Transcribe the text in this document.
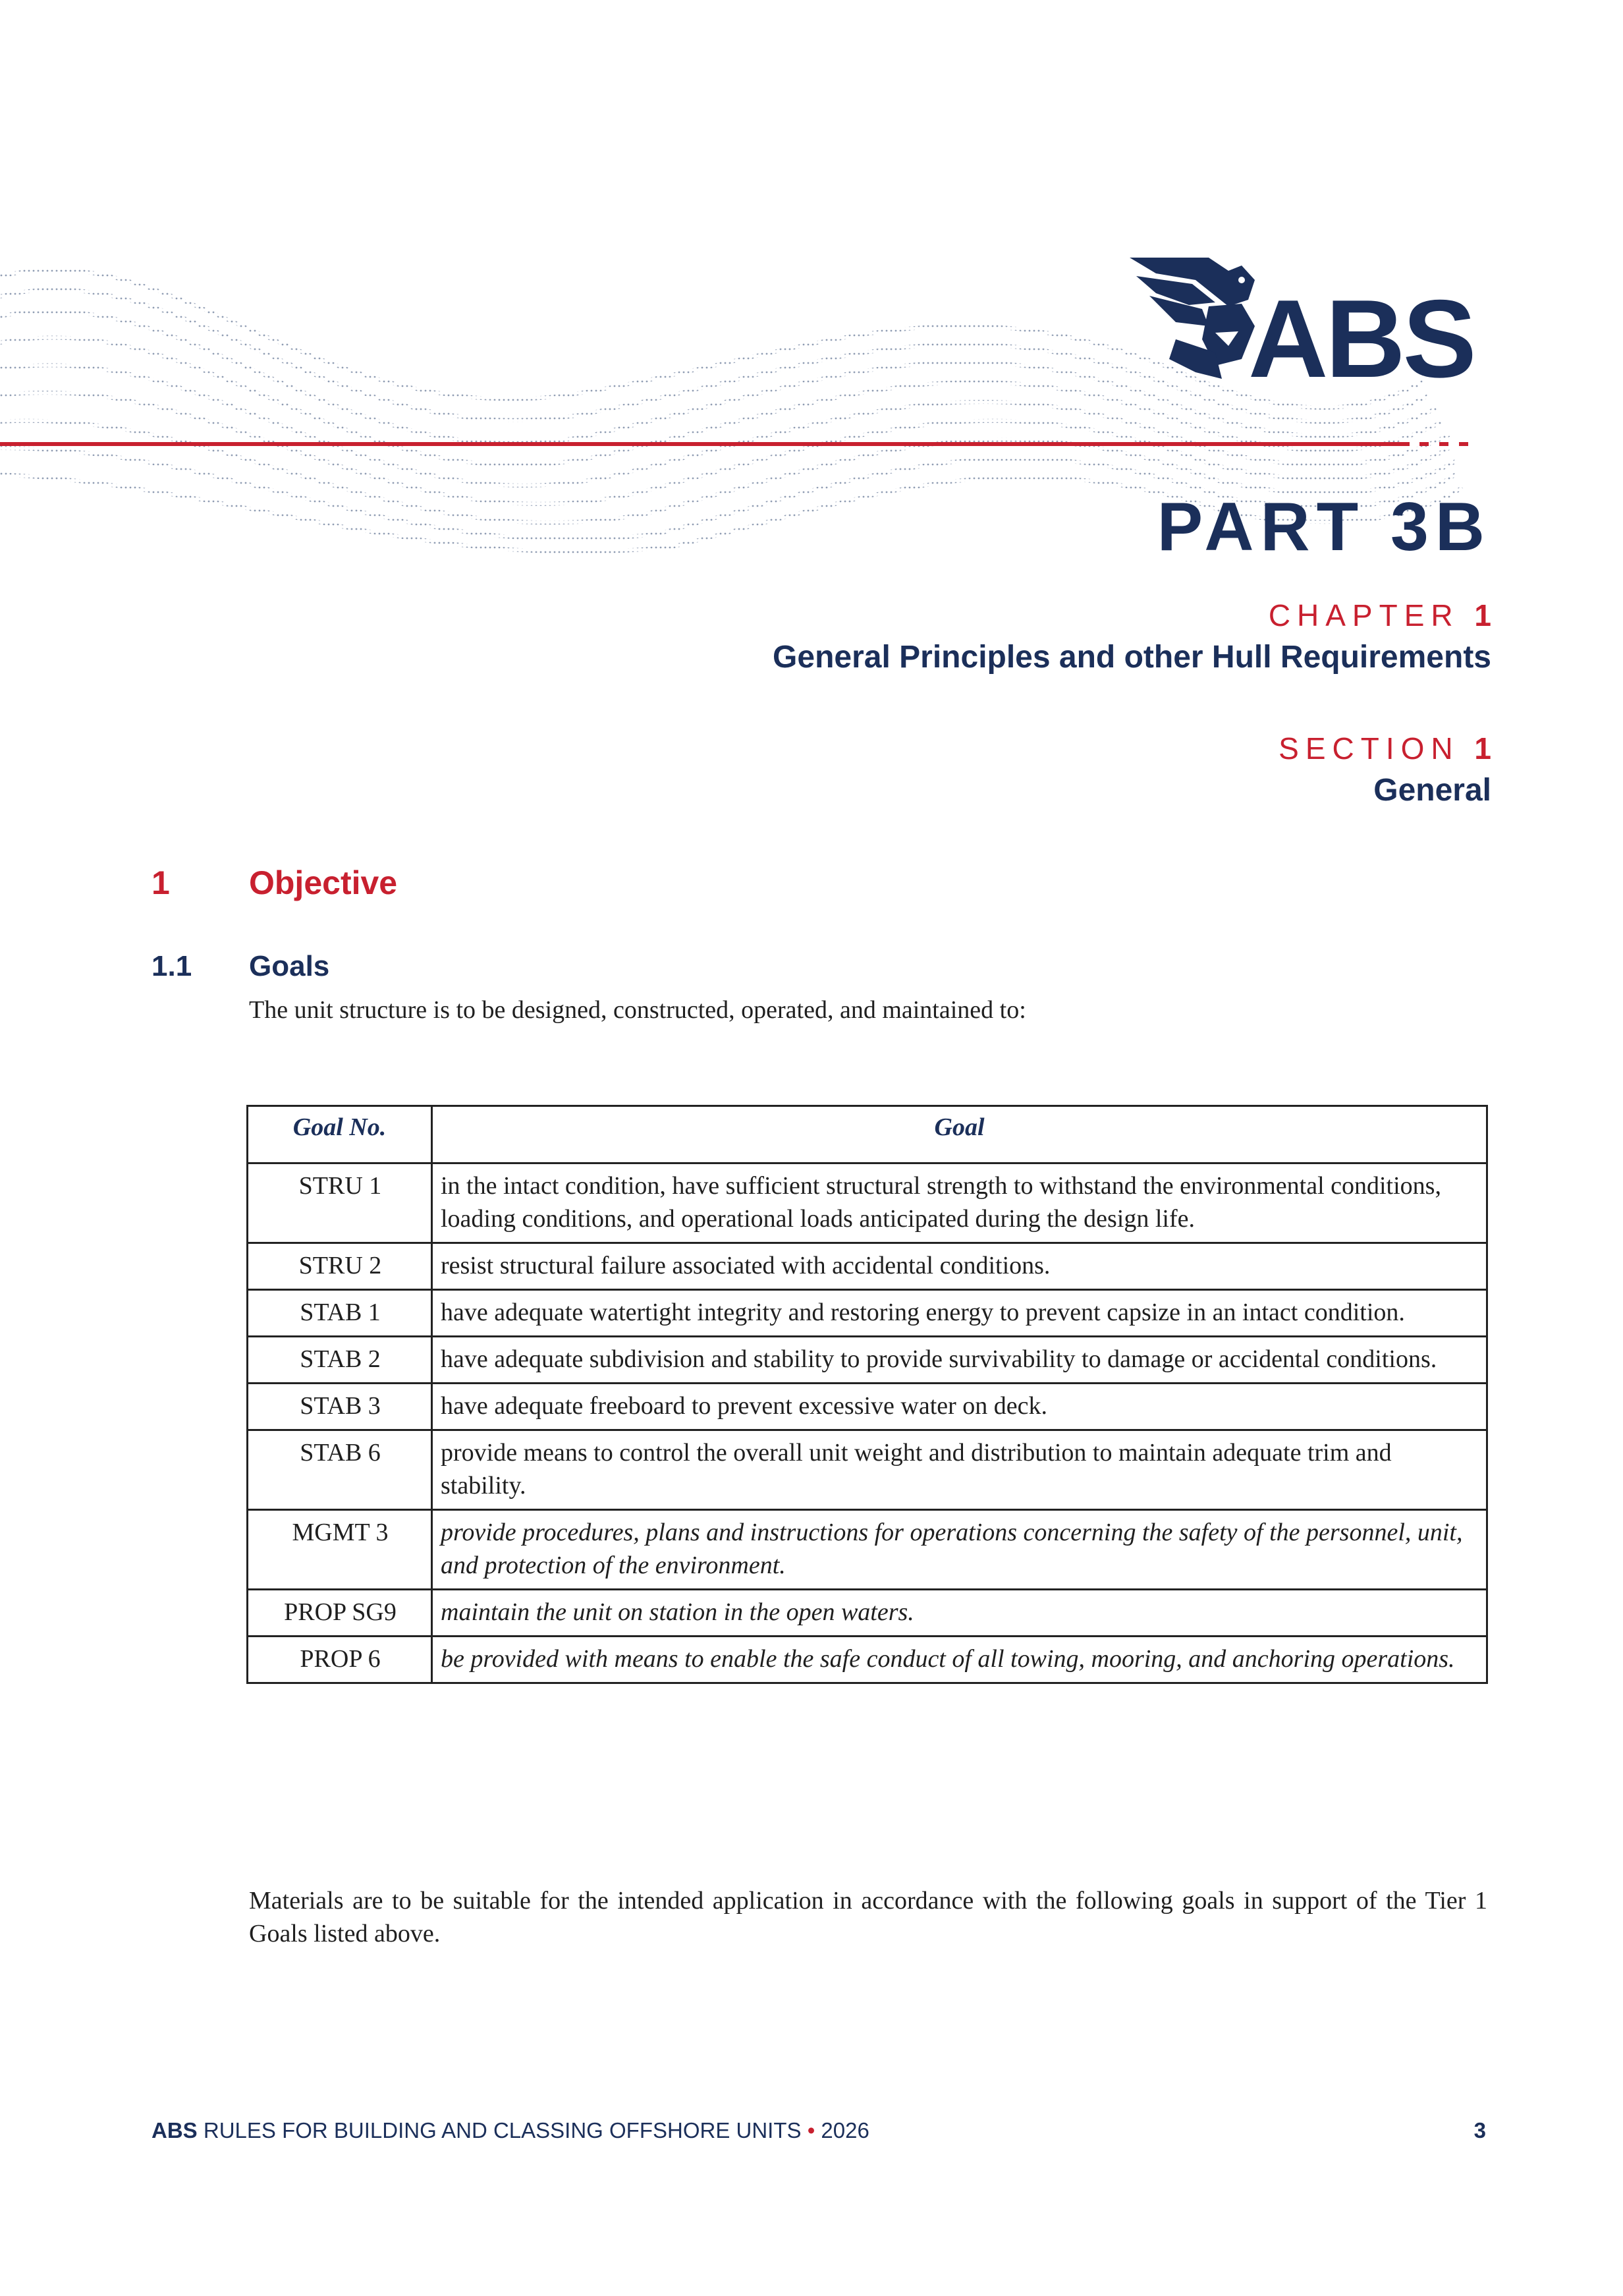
ABS
PART 3B
CHAPTER 1
General Principles and other Hull Requirements
SECTION 1
General
1 Objective
1.1 Goals
The unit structure is to be designed, constructed, operated, and maintained to:
Goal No.	Goal
STRU 1	in the intact condition, have sufficient structural strength to withstand the environmental conditions, loading conditions, and operational loads anticipated during the design life.
STRU 2	resist structural failure associated with accidental conditions.
STAB 1	have adequate watertight integrity and restoring energy to prevent capsize in an intact condition.
STAB 2	have adequate subdivision and stability to provide survivability to damage or accidental conditions.
STAB 3	have adequate freeboard to prevent excessive water on deck.
STAB 6	provide means to control the overall unit weight and distribution to maintain adequate trim and stability.
MGMT 3	provide procedures, plans and instructions for operations concerning the safety of the personnel, unit, and protection of the environment.
PROP SG9	maintain the unit on station in the open waters.
PROP 6	be provided with means to enable the safe conduct of all towing, mooring, and anchoring operations.
Materials are to be suitable for the intended application in accordance with the following goals in support of the Tier 1 Goals listed above.
ABS RULES FOR BUILDING AND CLASSING OFFSHORE UNITS • 2026	3
